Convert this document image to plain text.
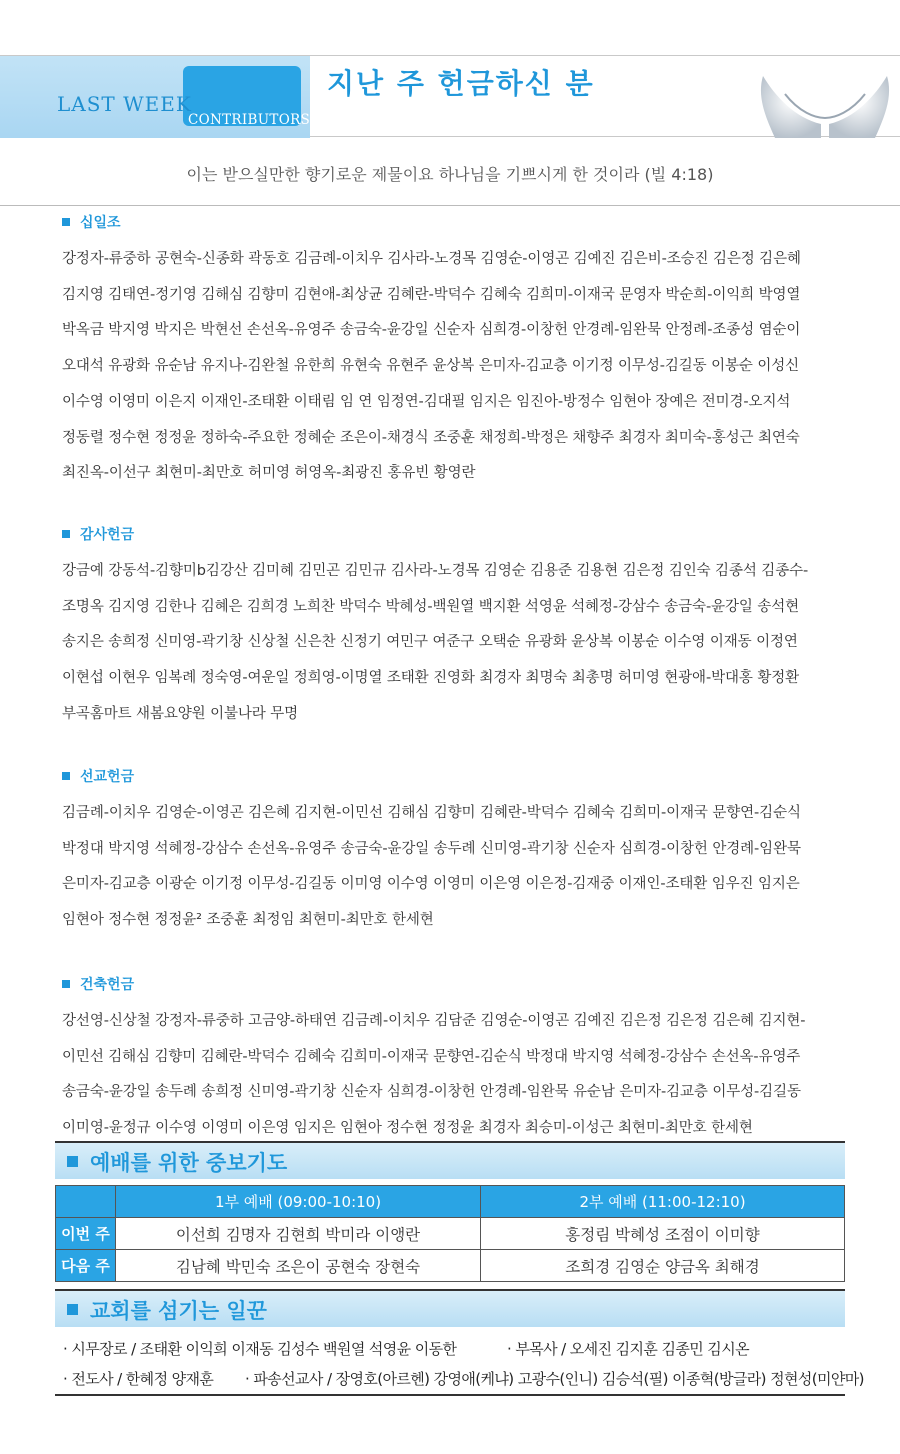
LAST WEEK
CONTRIBUTORS
지난 주 헌금하신 분
이는 받으실만한 향기로운 제물이요 하나님을 기쁘시게 한 것이라 (빌 4:18)
십일조
강정자-류중하 공현숙-신종화 곽동호 김금례-이치우 김사라-노경목 김영순-이영곤 김예진 김은비-조승진 김은정 김은혜
김지영 김태연-정기영 김해심 김향미 김현애-최상균 김혜란-박덕수 김혜숙 김희미-이재국 문영자 박순희-이익희 박영열
박옥금 박지영 박지은 박현선 손선옥-유영주 송금숙-윤강일 신순자 심희경-이창헌 안경례-임완묵 안정례-조종성 염순이
오대석 유광화 유순남 유지나-김완철 유한희 유현숙 유현주 윤상복 은미자-김교층 이기정 이무성-김길동 이봉순 이성신
이수영 이영미 이은지 이재인-조태환 이태림 임 연 임정연-김대필 임지은 임진아-방정수 임현아 장예은 전미경-오지석
정동렬 정수현 정정윤 정하숙-주요한 정혜순 조은이-채경식 조중훈 채정희-박정은 채향주 최경자 최미숙-홍성근 최연숙
최진옥-이선구 최현미-최만호 허미영 허영옥-최광진 홍유빈 황영란
감사헌금
강금예 강동석-김향미b김강산 김미혜 김민곤 김민규 김사라-노경목 김영순 김용준 김용현 김은정 김인숙 김종석 김종수-
조명옥 김지영 김한나 김혜은 김희경 노희찬 박덕수 박혜성-백원열 백지환 석영윤 석혜정-강삼수 송금숙-윤강일 송석현
송지은 송희정 신미영-곽기창 신상철 신은찬 신정기 여민구 여준구 오택순 유광화 윤상복 이봉순 이수영 이재동 이정연
이현섭 이현우 임복례 정숙영-여운일 정희영-이명열 조태환 진영화 최경자 최명숙 최총명 허미영 현광애-박대홍 황정환
부곡홈마트 새봄요양원 이불나라 무명
선교헌금
김금례-이치우 김영순-이영곤 김은혜 김지현-이민선 김해심 김향미 김혜란-박덕수 김혜숙 김희미-이재국 문향연-김순식
박정대 박지영 석혜정-강삼수 손선옥-유영주 송금숙-윤강일 송두례 신미영-곽기창 신순자 심희경-이창헌 안경례-임완묵
은미자-김교층 이광순 이기정 이무성-김길동 이미영 이수영 이영미 이은영 이은정-김재중 이재인-조태환 임우진 임지은
임현아 정수현 정정윤² 조중훈 최정임 최현미-최만호 한세현
건축헌금
강선영-신상철 강정자-류중하 고금양-하태연 김금례-이치우 김담준 김영순-이영곤 김예진 김은정 김은정 김은혜 김지현-
이민선 김해심 김향미 김혜란-박덕수 김혜숙 김희미-이재국 문향연-김순식 박정대 박지영 석혜정-강삼수 손선옥-유영주
송금숙-윤강일 송두례 송희정 신미영-곽기창 신순자 심희경-이창헌 안경례-임완묵 유순남 은미자-김교층 이무성-김길동
이미영-윤정규 이수영 이영미 이은영 임지은 임현아 정수현 정정윤 최경자 최승미-이성근 최현미-최만호 한세현
예배를 위한 중보기도
	1부 예배 (09:00-10:10)	2부 예배 (11:00-12:10)
이번 주	이선희 김명자 김현희 박미라 이앵란	홍정림 박혜성 조점이 이미향
다음 주	김남혜 박민숙 조은이 공현숙 장현숙	조희경 김영순 양금옥 최해경
교회를 섬기는 일꾼
· 시무장로 / 조태환 이익희 이재동 김성수 백원열 석영윤 이동한	· 부목사 / 오세진 김지훈 김종민 김시온
· 전도사 / 한혜정 양재훈 · 파송선교사 / 장영호(아르헨) 강영애(케냐) 고광수(인니) 김승석(필) 이종혁(방글라) 정현성(미얀마)
